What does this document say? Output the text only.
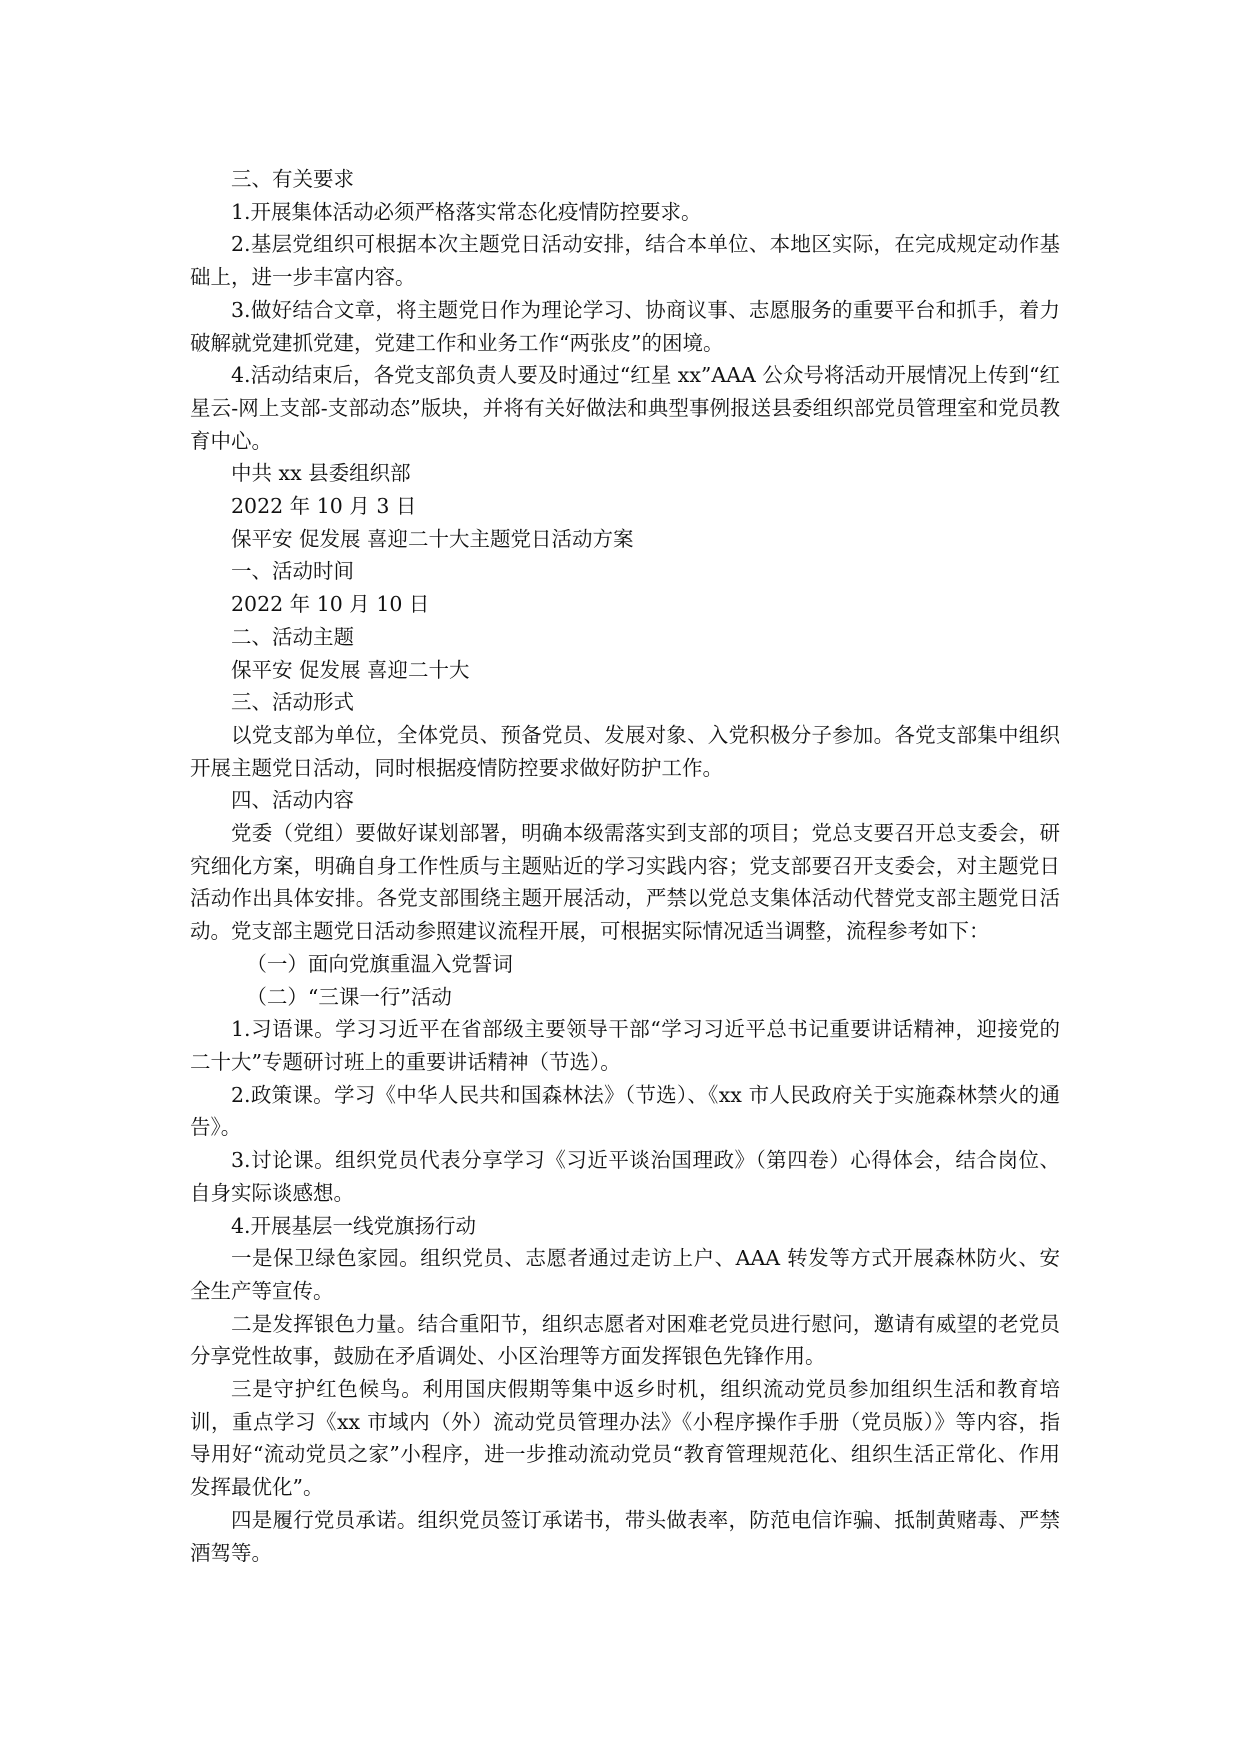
三、有关要求

1.开展集体活动必须严格落实常态化疫情防控要求。

2.基层党组织可根据本次主题党日活动安排，结合本单位、本地区实际，在完成规定动作基础上，进一步丰富内容。

3.做好结合文章，将主题党日作为理论学习、协商议事、志愿服务的重要平台和抓手，着力破解就党建抓党建，党建工作和业务工作“两张皮”的困境。

4.活动结束后，各党支部负责人要及时通过“红星 xx”AAA 公众号将活动开展情况上传到“红星云-网上支部-支部动态”版块，并将有关好做法和典型事例报送县委组织部党员管理室和党员教育中心。

中共 xx 县委组织部

2022 年 10 月 3 日

保平安 促发展 喜迎二十大主题党日活动方案

一、活动时间

2022 年 10 月 10 日

二、活动主题

保平安 促发展 喜迎二十大

三、活动形式

以党支部为单位，全体党员、预备党员、发展对象、入党积极分子参加。各党支部集中组织开展主题党日活动，同时根据疫情防控要求做好防护工作。

四、活动内容

党委（党组）要做好谋划部署，明确本级需落实到支部的项目；党总支要召开总支委会，研究细化方案，明确自身工作性质与主题贴近的学习实践内容；党支部要召开支委会，对主题党日活动作出具体安排。各党支部围绕主题开展活动，严禁以党总支集体活动代替党支部主题党日活动。党支部主题党日活动参照建议流程开展，可根据实际情况适当调整，流程参考如下：

（一）面向党旗重温入党誓词

（二）“三课一行”活动

1.习语课。学习习近平在省部级主要领导干部“学习习近平总书记重要讲话精神，迎接党的二十大”专题研讨班上的重要讲话精神（节选）。

2.政策课。学习《中华人民共和国森林法》（节选）、《xx 市人民政府关于实施森林禁火的通告》。

3.讨论课。组织党员代表分享学习《习近平谈治国理政》（第四卷）心得体会，结合岗位、自身实际谈感想。

4.开展基层一线党旗扬行动

一是保卫绿色家园。组织党员、志愿者通过走访上户、AAA 转发等方式开展森林防火、安全生产等宣传。

二是发挥银色力量。结合重阳节，组织志愿者对困难老党员进行慰问，邀请有威望的老党员分享党性故事，鼓励在矛盾调处、小区治理等方面发挥银色先锋作用。

三是守护红色候鸟。利用国庆假期等集中返乡时机，组织流动党员参加组织生活和教育培训，重点学习《xx 市域内（外）流动党员管理办法》《小程序操作手册（党员版）》等内容，指导用好“流动党员之家”小程序，进一步推动流动党员“教育管理规范化、组织生活正常化、作用发挥最优化”。

四是履行党员承诺。组织党员签订承诺书，带头做表率，防范电信诈骗、抵制黄赌毒、严禁酒驾等。
